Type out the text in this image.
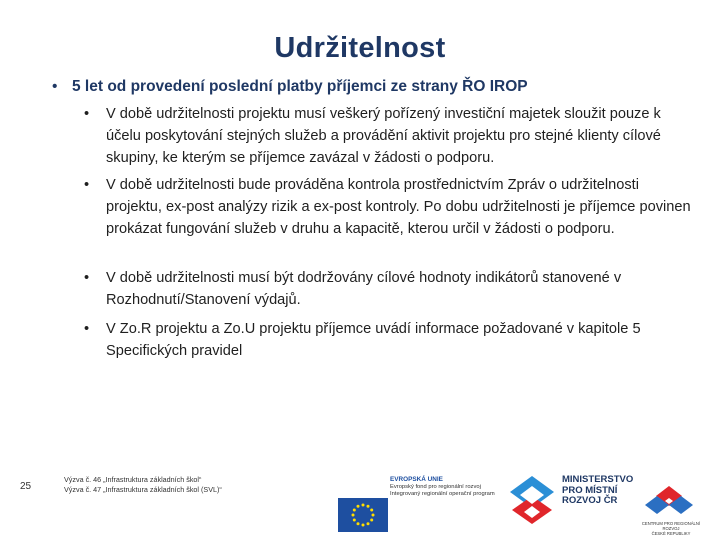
Udržitelnost
• 5 let od provedení poslední platby příjemci ze strany ŘO IROP
•	V době udržitelnosti projektu musí veškerý pořízený investiční majetek sloužit pouze k účelu poskytování stejných služeb a provádění aktivit projektu pro stejné klienty cílové skupiny, ke kterým se příjemce zavázal v žádosti o podporu.
•	V době udržitelnosti bude prováděna kontrola prostřednictvím Zpráv o udržitelnosti projektu, ex-post analýzy rizik a ex-post kontroly. Po dobu udržitelnosti je příjemce povinen prokázat fungování služeb v druhu a kapacitě, kterou určil v žádosti o podporu.
•	V době udržitelnosti musí být dodržovány cílové hodnoty indikátorů stanovené v Rozhodnutí/Stanovení výdajů.
•	V Zo.R projektu a Zo.U projektu příjemce uvádí informace požadované v kapitole 5 Specifických pravidel
25
Výzva č. 46 „Infrastruktura základních škol“
Výzva č. 47 „Infrastruktura základních škol (SVL)“
EVROPSKÁ UNIE
Evropský fond pro regionální rozvoj
Integrovaný regionální operační program
MINISTERSTVO
PRO MÍSTNÍ
ROZVOJ ČR
CENTRUM PRO REGIONÁLNÍ ROZVOJ
ČESKÉ REPUBLIKY
